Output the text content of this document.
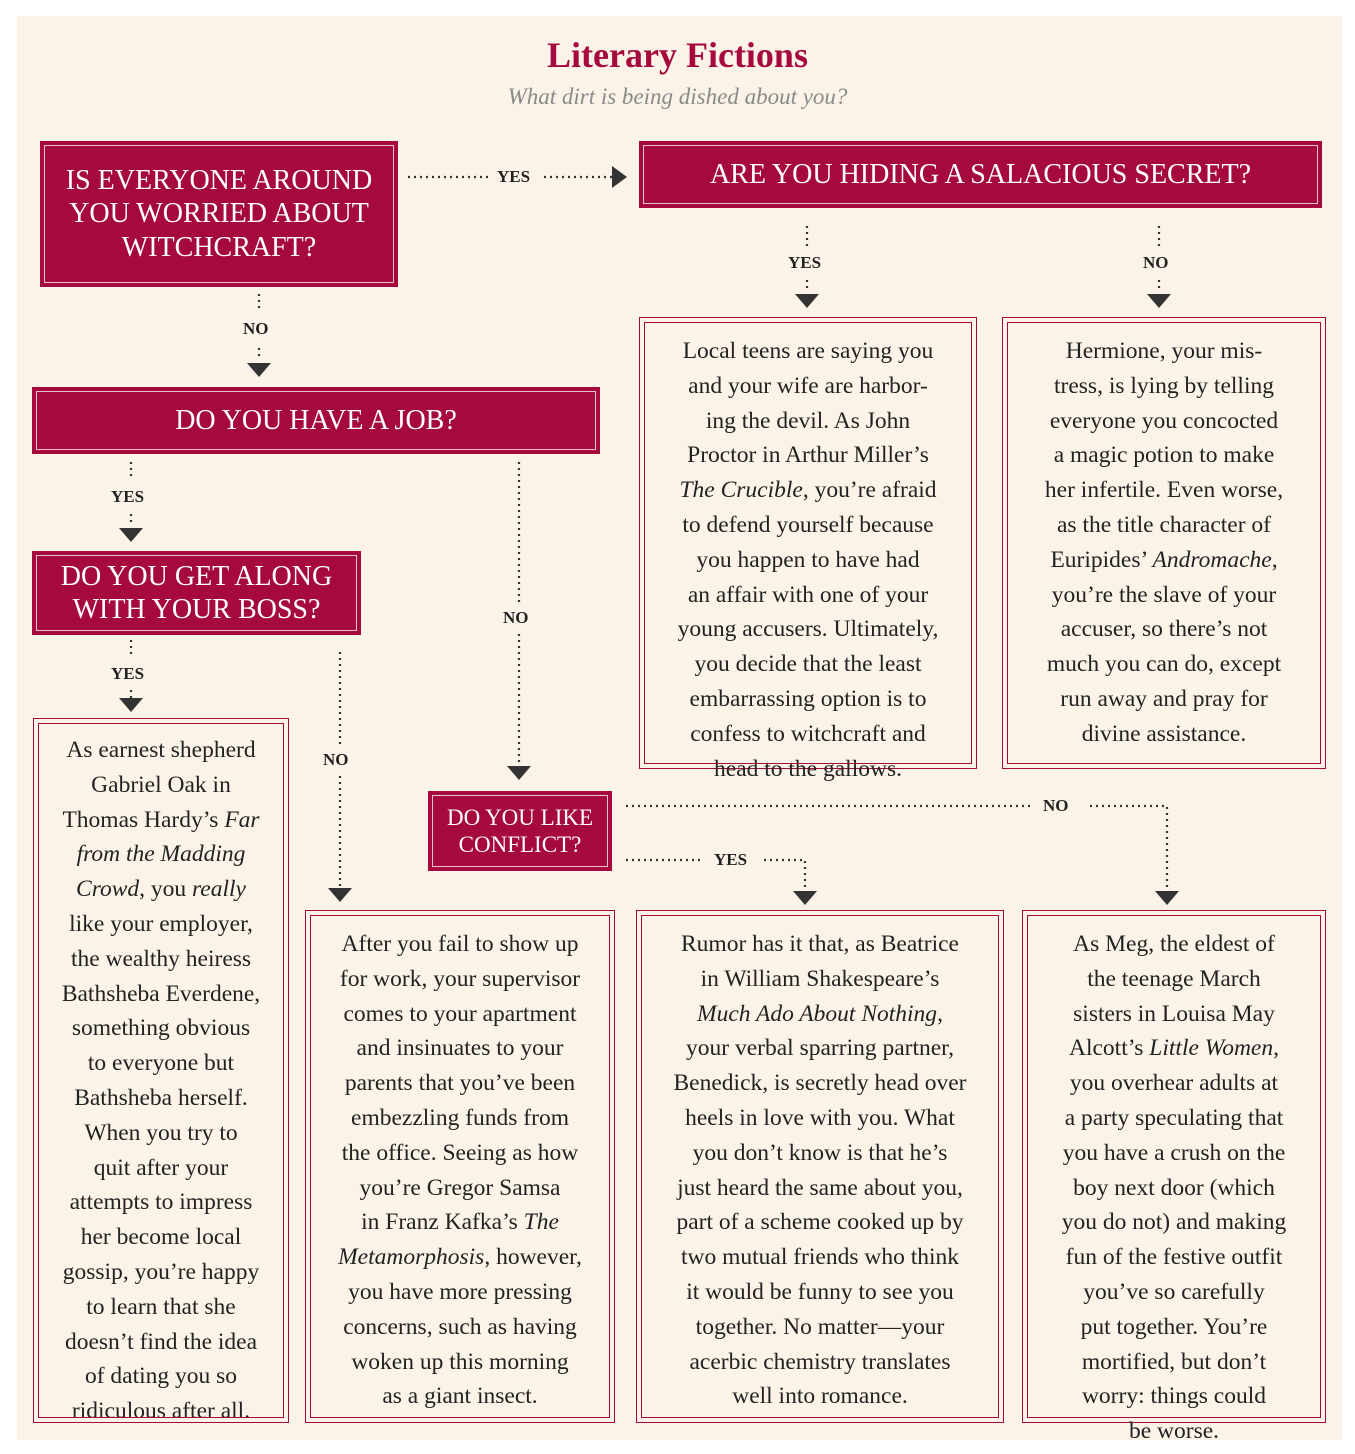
Literary Fictions
What dirt is being dished about you?
YES
NO
YES	NO
YES
NO
YES
NO
NO
YES
IS EVERYONE AROUND
YOU WORRIED ABOUT
WITCHCRAFT?
ARE YOU HIDING A SALACIOUS SECRET?
DO YOU HAVE A JOB?
DO YOU GET ALONG
WITH YOUR BOSS?
DO YOU LIKE
CONFLICT?

Local teens are saying you
and your wife are harbor-
ing the devil. As John
Proctor in Arthur Miller’s
The Crucible, you’re afraid
to defend yourself because
you happen to have had
an affair with one of your
young accusers. Ultimately,
you decide that the least
embarrassing option is to
confess to witchcraft and
head to the gallows.

Hermione, your mis-
tress, is lying by telling
everyone you concocted
a magic potion to make
her infertile. Even worse,
as the title character of
Euripides’ Andromache,
you’re the slave of your
accuser, so there’s not
much you can do, except
run away and pray for
divine assistance.

As earnest shepherd
Gabriel Oak in
Thomas Hardy’s Far
from the Madding
Crowd, you really
like your employer,
the wealthy heiress
Bathsheba Everdene,
something obvious
to everyone but
Bathsheba herself.
When you try to
quit after your
attempts to impress
her become local
gossip, you’re happy
to learn that she
doesn’t find the idea
of dating you so
ridiculous after all.

After you fail to show up
for work, your supervisor
comes to your apartment
and insinuates to your
parents that you’ve been
embezzling funds from
the office. Seeing as how
you’re Gregor Samsa
in Franz Kafka’s The
Metamorphosis, however,
you have more pressing
concerns, such as having
woken up this morning
as a giant insect.

Rumor has it that, as Beatrice
in William Shakespeare’s
Much Ado About Nothing,
your verbal sparring partner,
Benedick, is secretly head over
heels in love with you. What
you don’t know is that he’s
just heard the same about you,
part of a scheme cooked up by
two mutual friends who think
it would be funny to see you
together. No matter—your
acerbic chemistry translates
well into romance.

As Meg, the eldest of
the teenage March
sisters in Louisa May
Alcott’s Little Women,
you overhear adults at
a party speculating that
you have a crush on the
boy next door (which
you do not) and making
fun of the festive outfit
you’ve so carefully
put together. You’re
mortified, but don’t
worry: things could
be worse.
